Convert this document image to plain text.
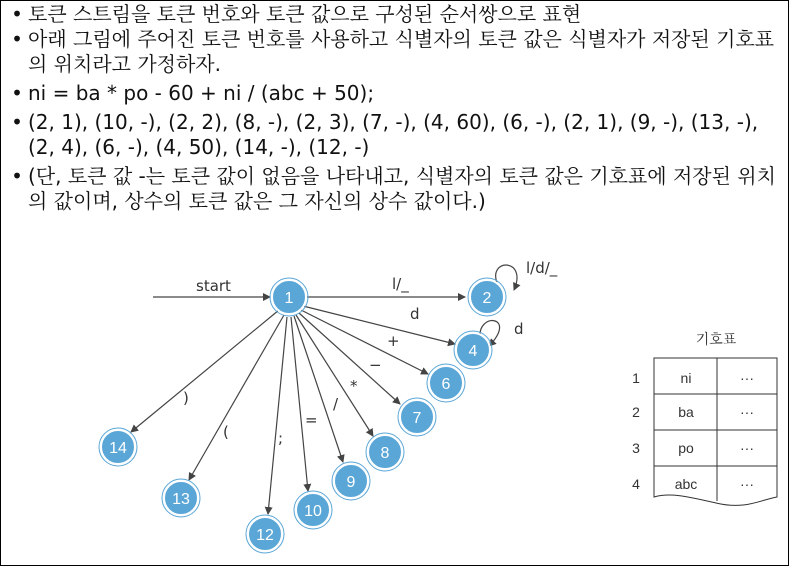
• 토큰 스트림을 토큰 번호와 토큰 값으로 구성된 순서쌍으로 표현
• 아래 그림에 주어진 토큰 번호를 사용하고 식별자의 토큰 값은 식별자가 저장된 기호표의 위치라고 가정하자.
• ni = ba * po - 60 + ni / (abc + 50);
• (2, 1), (10, -), (2, 2), (8, -), (2, 3), (7, -), (4, 60), (6, -), (2, 1), (9, -), (13, -), (2, 4), (6, -), (4, 50), (14, -), (12, -)
• (단, 토큰 값 -는 토큰 값이 없음을 나타내고, 식별자의 토큰 값은 기호표에 저장된 위치의 값이며, 상수의 토큰 값은 그 자신의 상수 값이다.)
start	l/_
l/d/_
d
d
+
−
*
/
=
;
(
)
1	2
4
6
7
8
9
10
12
13
14
기호표
1	ni	···
2	ba	···
3	po	···
4 abc	···
